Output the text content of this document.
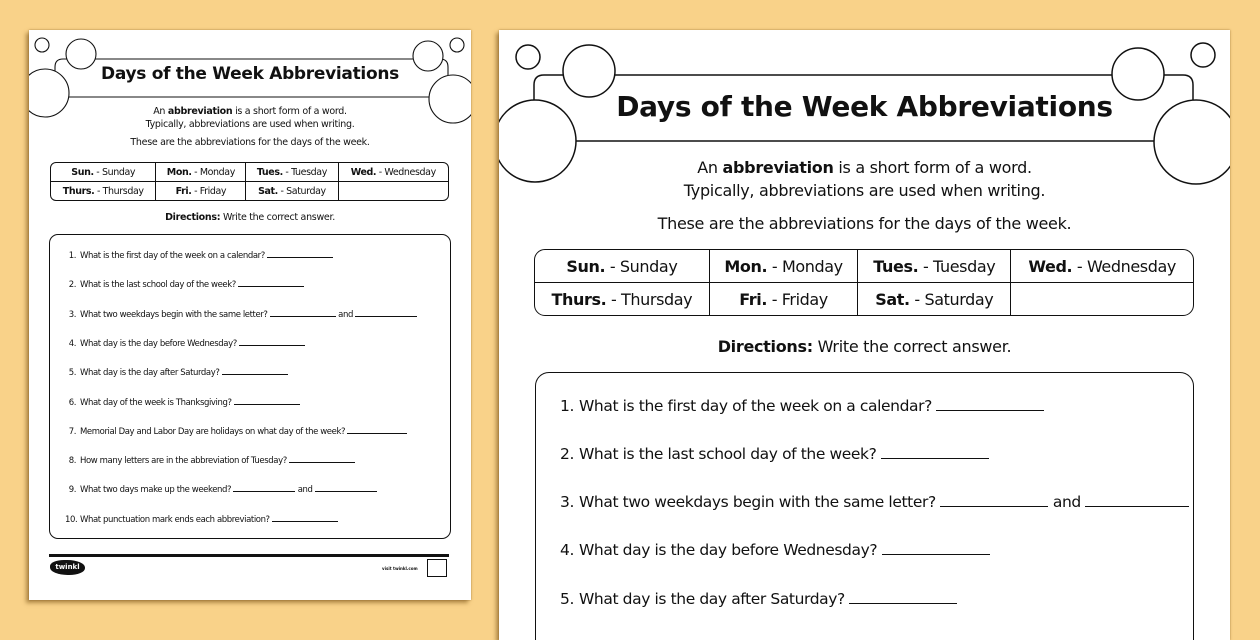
Days of the Week Abbreviations
An abbreviation is a short form of a word.
Typically, abbreviations are used when writing.
These are the abbreviations for the days of the week.
Sun. - Sunday	Mon. - Monday	Tues. - Tuesday	Wed. - Wednesday
Thurs. - Thursday	Fri. - Friday	Sat. - Saturday	
Directions: Write the correct answer.
1. What is the first day of the week on a calendar?
2. What is the last school day of the week?
3. What two weekdays begin with the same letter?	and
4. What day is the day before Wednesday?
5. What day is the day after Saturday?
6. What day of the week is Thanksgiving?
7. Memorial Day and Labor Day are holidays on what day of the week?
8. How many letters are in the abbreviation of Tuesday?
9. What two days make up the weekend?	and
10. What punctuation mark ends each abbreviation?
twinkl	visit twinkl.com
Days of the Week Abbreviations
An abbreviation is a short form of a word.
Typically, abbreviations are used when writing.
These are the abbreviations for the days of the week.
Sun. - Sunday	Mon. - Monday	Tues. - Tuesday	Wed. - Wednesday
Thurs. - Thursday	Fri. - Friday	Sat. - Saturday	
Directions: Write the correct answer.
1. What is the first day of the week on a calendar?
2. What is the last school day of the week?
3. What two weekdays begin with the same letter?	and
4. What day is the day before Wednesday?
5. What day is the day after Saturday?
